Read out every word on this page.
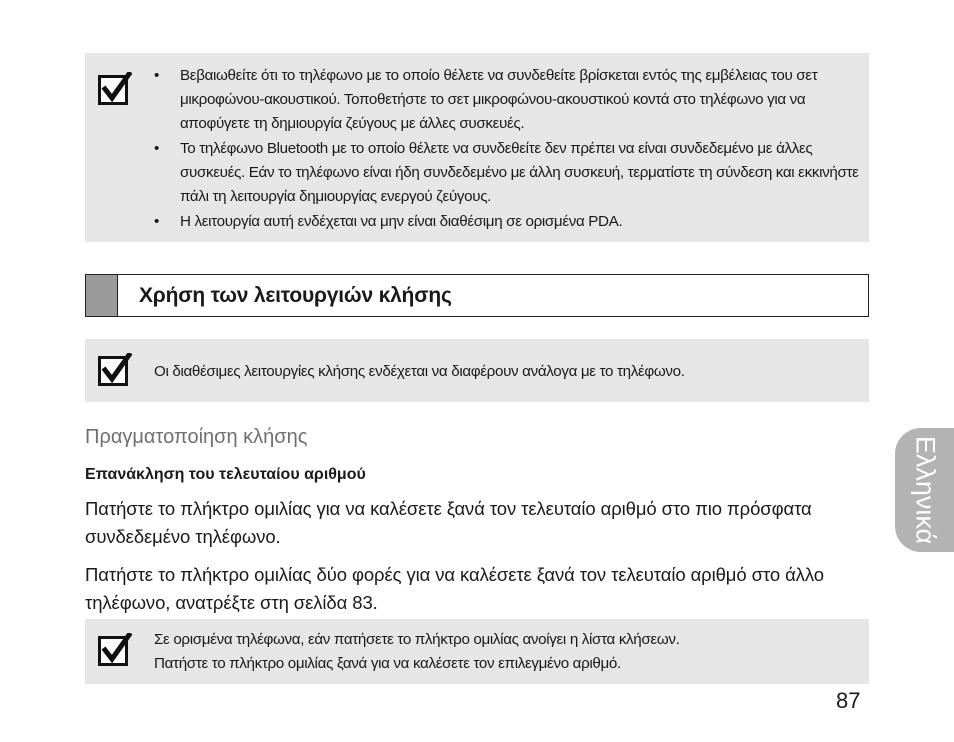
• Βεβαιωθείτε ότι το τηλέφωνο με το οποίο θέλετε να συνδεθείτε βρίσκεται εντός της εμβέλειας του σετ μικροφώνου-ακουστικού. Τοποθετήστε το σετ μικροφώνου-ακουστικού κοντά στο τηλέφωνο για να αποφύγετε τη δημιουργία ζεύγους με άλλες συσκευές.
• Το τηλέφωνο Bluetooth με το οποίο θέλετε να συνδεθείτε δεν πρέπει να είναι συνδεδεμένο με άλλες συσκευές. Εάν το τηλέφωνο είναι ήδη συνδεδεμένο με άλλη συσκευή, τερματίστε τη σύνδεση και εκκινήστε πάλι τη λειτουργία δημιουργίας ενεργού ζεύγους.
• Η λειτουργία αυτή ενδέχεται να μην είναι διαθέσιμη σε ορισμένα PDA.
Χρήση των λειτουργιών κλήσης
Οι διαθέσιμες λειτουργίες κλήσης ενδέχεται να διαφέρουν ανάλογα με το τηλέφωνο.
Πραγματοποίηση κλήσης
Επανάκληση του τελευταίου αριθμού
Πατήστε το πλήκτρο ομιλίας για να καλέσετε ξανά τον τελευταίο αριθμό στο πιο πρόσφατα συνδεδεμένο τηλέφωνο.
Πατήστε το πλήκτρο ομιλίας δύο φορές για να καλέσετε ξανά τον τελευταίο αριθμό στο άλλο τηλέφωνο, ανατρέξτε στη σελίδα 83.
Σε ορισμένα τηλέφωνα, εάν πατήσετε το πλήκτρο ομιλίας ανοίγει η λίστα κλήσεων.
Πατήστε το πλήκτρο ομιλίας ξανά για να καλέσετε τον επιλεγμένο αριθμό.
Ελληνικά
87
